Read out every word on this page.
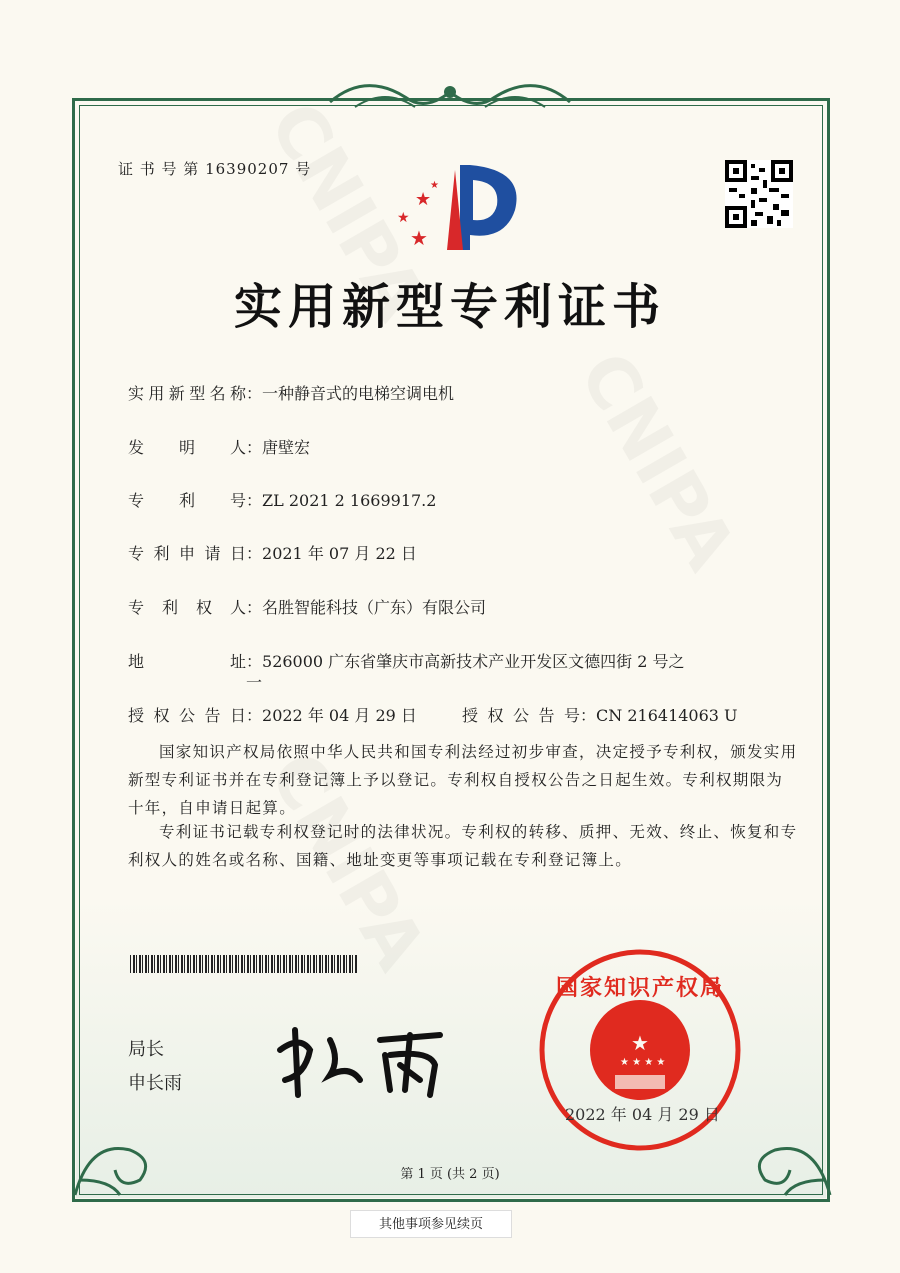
证 书 号 第 16390207 号
★
★
★
★
实用新型专利证书
实用新型名称：一种静音式的电梯空调电机
发明人：唐壁宏
专利号：ZL 2021 2 1669917.2
专利申请日：2021 年 07 月 22 日
专利权人：名胜智能科技（广东）有限公司
地址：526000 广东省肇庆市高新技术产业开发区文德四街 2 号之
一
授权公告日：2022 年 04 月 29 日	授权公告号：CN 216414063 U
国家知识产权局依照中华人民共和国专利法经过初步审查，决定授予专利权，颁发实用新型专利证书并在专利登记簿上予以登记。专利权自授权公告之日起生效。专利权期限为十年，自申请日起算。
专利证书记载专利权登记时的法律状况。专利权的转移、质押、无效、终止、恢复和专利权人的姓名或名称、国籍、地址变更等事项记载在专利登记簿上。
局长
申长雨
★
★ ★ ★ ★
国家知识产权局
2022 年 04 月 29 日
第 1 页 (共 2 页)
其他事项参见续页
